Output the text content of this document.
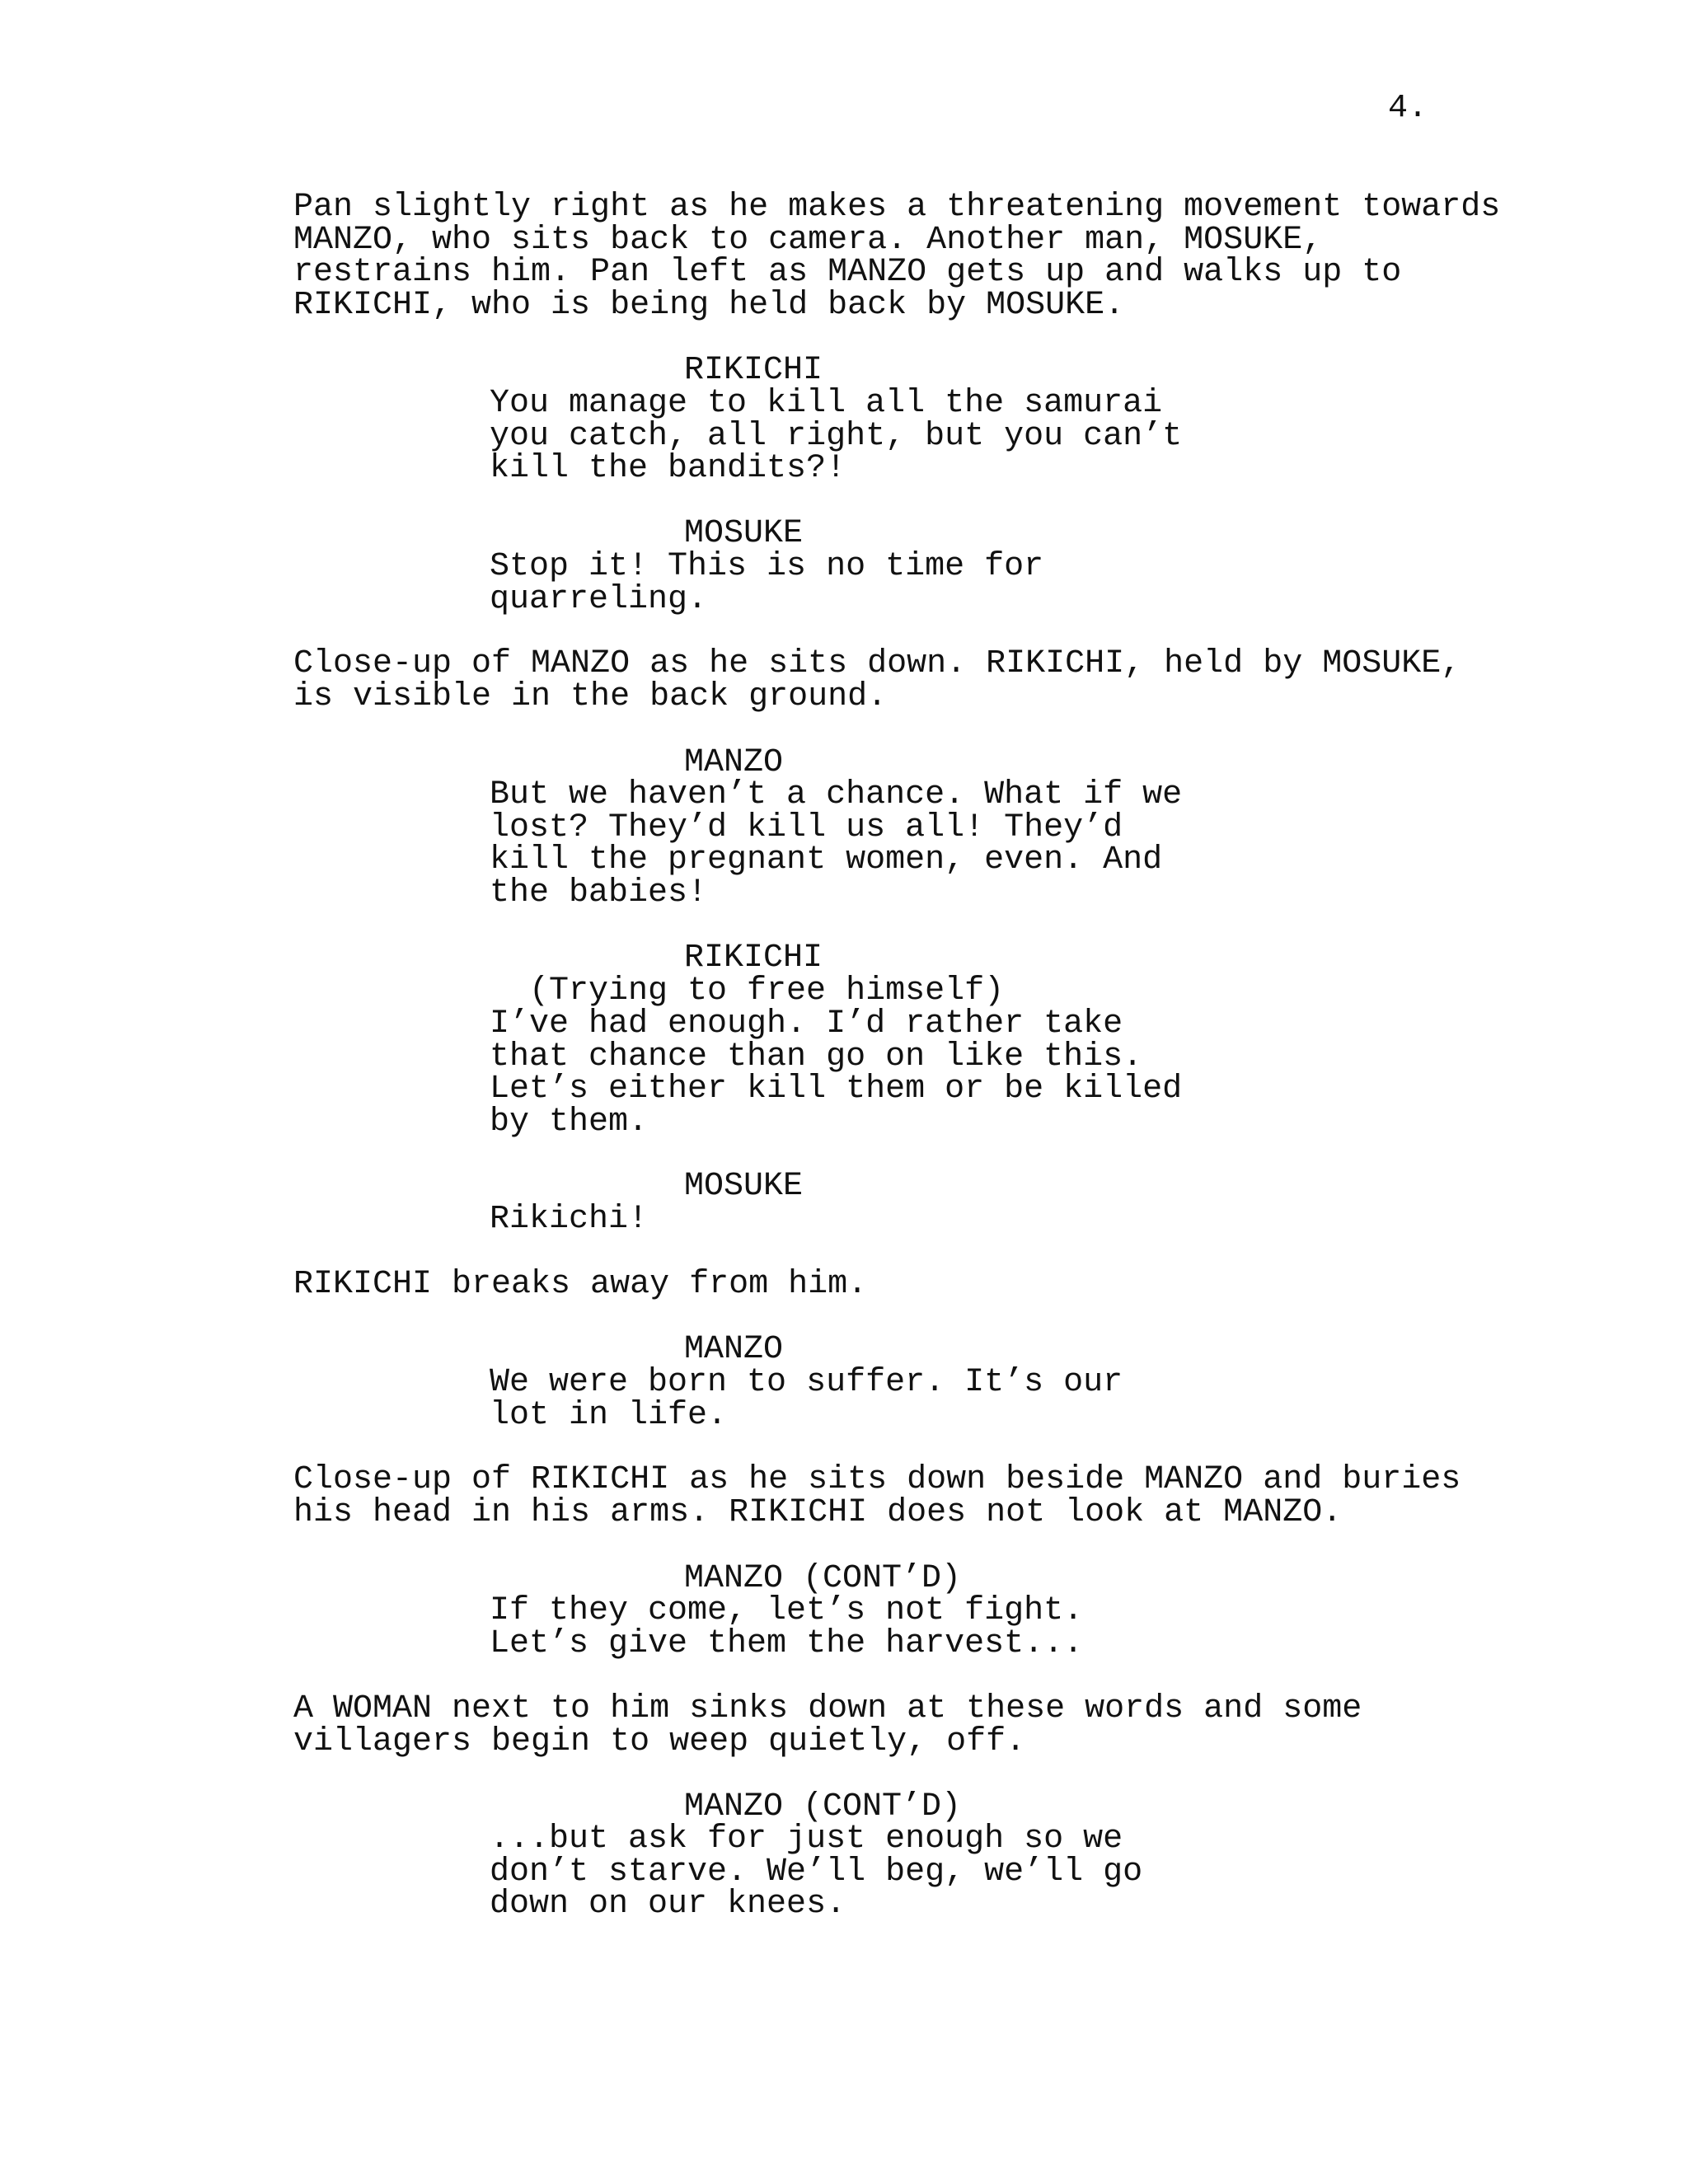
4.
Pan slightly right as he makes a threatening movement towards
MANZO, who sits back to camera. Another man, MOSUKE,
restrains him. Pan left as MANZO gets up and walks up to
RIKICHI, who is being held back by MOSUKE.
RIKICHI
You manage to kill all the samurai
you catch, all right, but you can’t
kill the bandits?!
MOSUKE
Stop it! This is no time for
quarreling.
Close-up of MANZO as he sits down. RIKICHI, held by MOSUKE,
is visible in the back ground.
MANZO
But we haven’t a chance. What if we
lost? They’d kill us all! They’d
kill the pregnant women, even. And
the babies!
RIKICHI
(Trying to free himself)
I’ve had enough. I’d rather take
that chance than go on like this.
Let’s either kill them or be killed
by them.
MOSUKE
Rikichi!
RIKICHI breaks away from him.
MANZO
We were born to suffer. It’s our
lot in life.
Close-up of RIKICHI as he sits down beside MANZO and buries
his head in his arms. RIKICHI does not look at MANZO.
MANZO (CONT’D)
If they come, let’s not fight.
Let’s give them the harvest...
A WOMAN next to him sinks down at these words and some
villagers begin to weep quietly, off.
MANZO (CONT’D)
...but ask for just enough so we
don’t starve. We’ll beg, we’ll go
down on our knees.
